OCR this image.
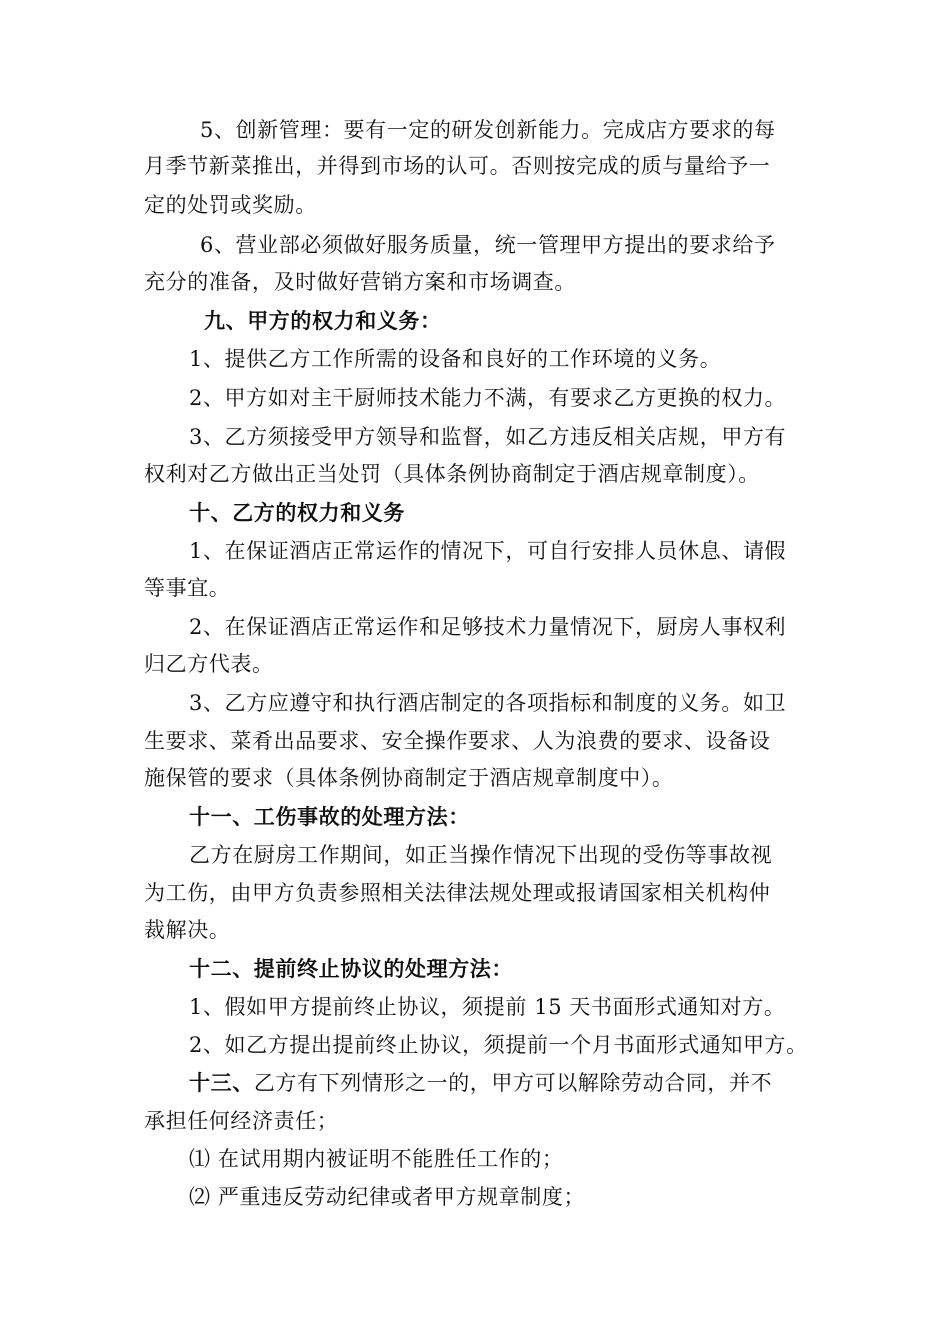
5、创新管理：要有一定的研发创新能力。完成店方要求的每
月季节新菜推出，并得到市场的认可。否则按完成的质与量给予一
定的处罚或奖励。
6、营业部必须做好服务质量，统一管理甲方提出的要求给予
充分的准备，及时做好营销方案和市场调查。
九、甲方的权力和义务：
1、提供乙方工作所需的设备和良好的工作环境的义务。
2、甲方如对主干厨师技术能力不满，有要求乙方更换的权力。
3、乙方须接受甲方领导和监督，如乙方违反相关店规，甲方有
权利对乙方做出正当处罚（具体条例协商制定于酒店规章制度）。
十、乙方的权力和义务
1、在保证酒店正常运作的情况下，可自行安排人员休息、请假
等事宜。
2、在保证酒店正常运作和足够技术力量情况下，厨房人事权利
归乙方代表。
3、乙方应遵守和执行酒店制定的各项指标和制度的义务。如卫
生要求、菜肴出品要求、安全操作要求、人为浪费的要求、设备设
施保管的要求（具体条例协商制定于酒店规章制度中）。
十一、工伤事故的处理方法：
乙方在厨房工作期间，如正当操作情况下出现的受伤等事故视
为工伤，由甲方负责参照相关法律法规处理或报请国家相关机构仲
裁解决。
十二、提前终止协议的处理方法：
1、假如甲方提前终止协议，须提前 15 天书面形式通知对方。
2、如乙方提出提前终止协议，须提前一个月书面形式通知甲方。
十三、乙方有下列情形之一的，甲方可以解除劳动合同，并不
承担任何经济责任；
⑴ 在试用期内被证明不能胜任工作的；
⑵ 严重违反劳动纪律或者甲方规章制度；
